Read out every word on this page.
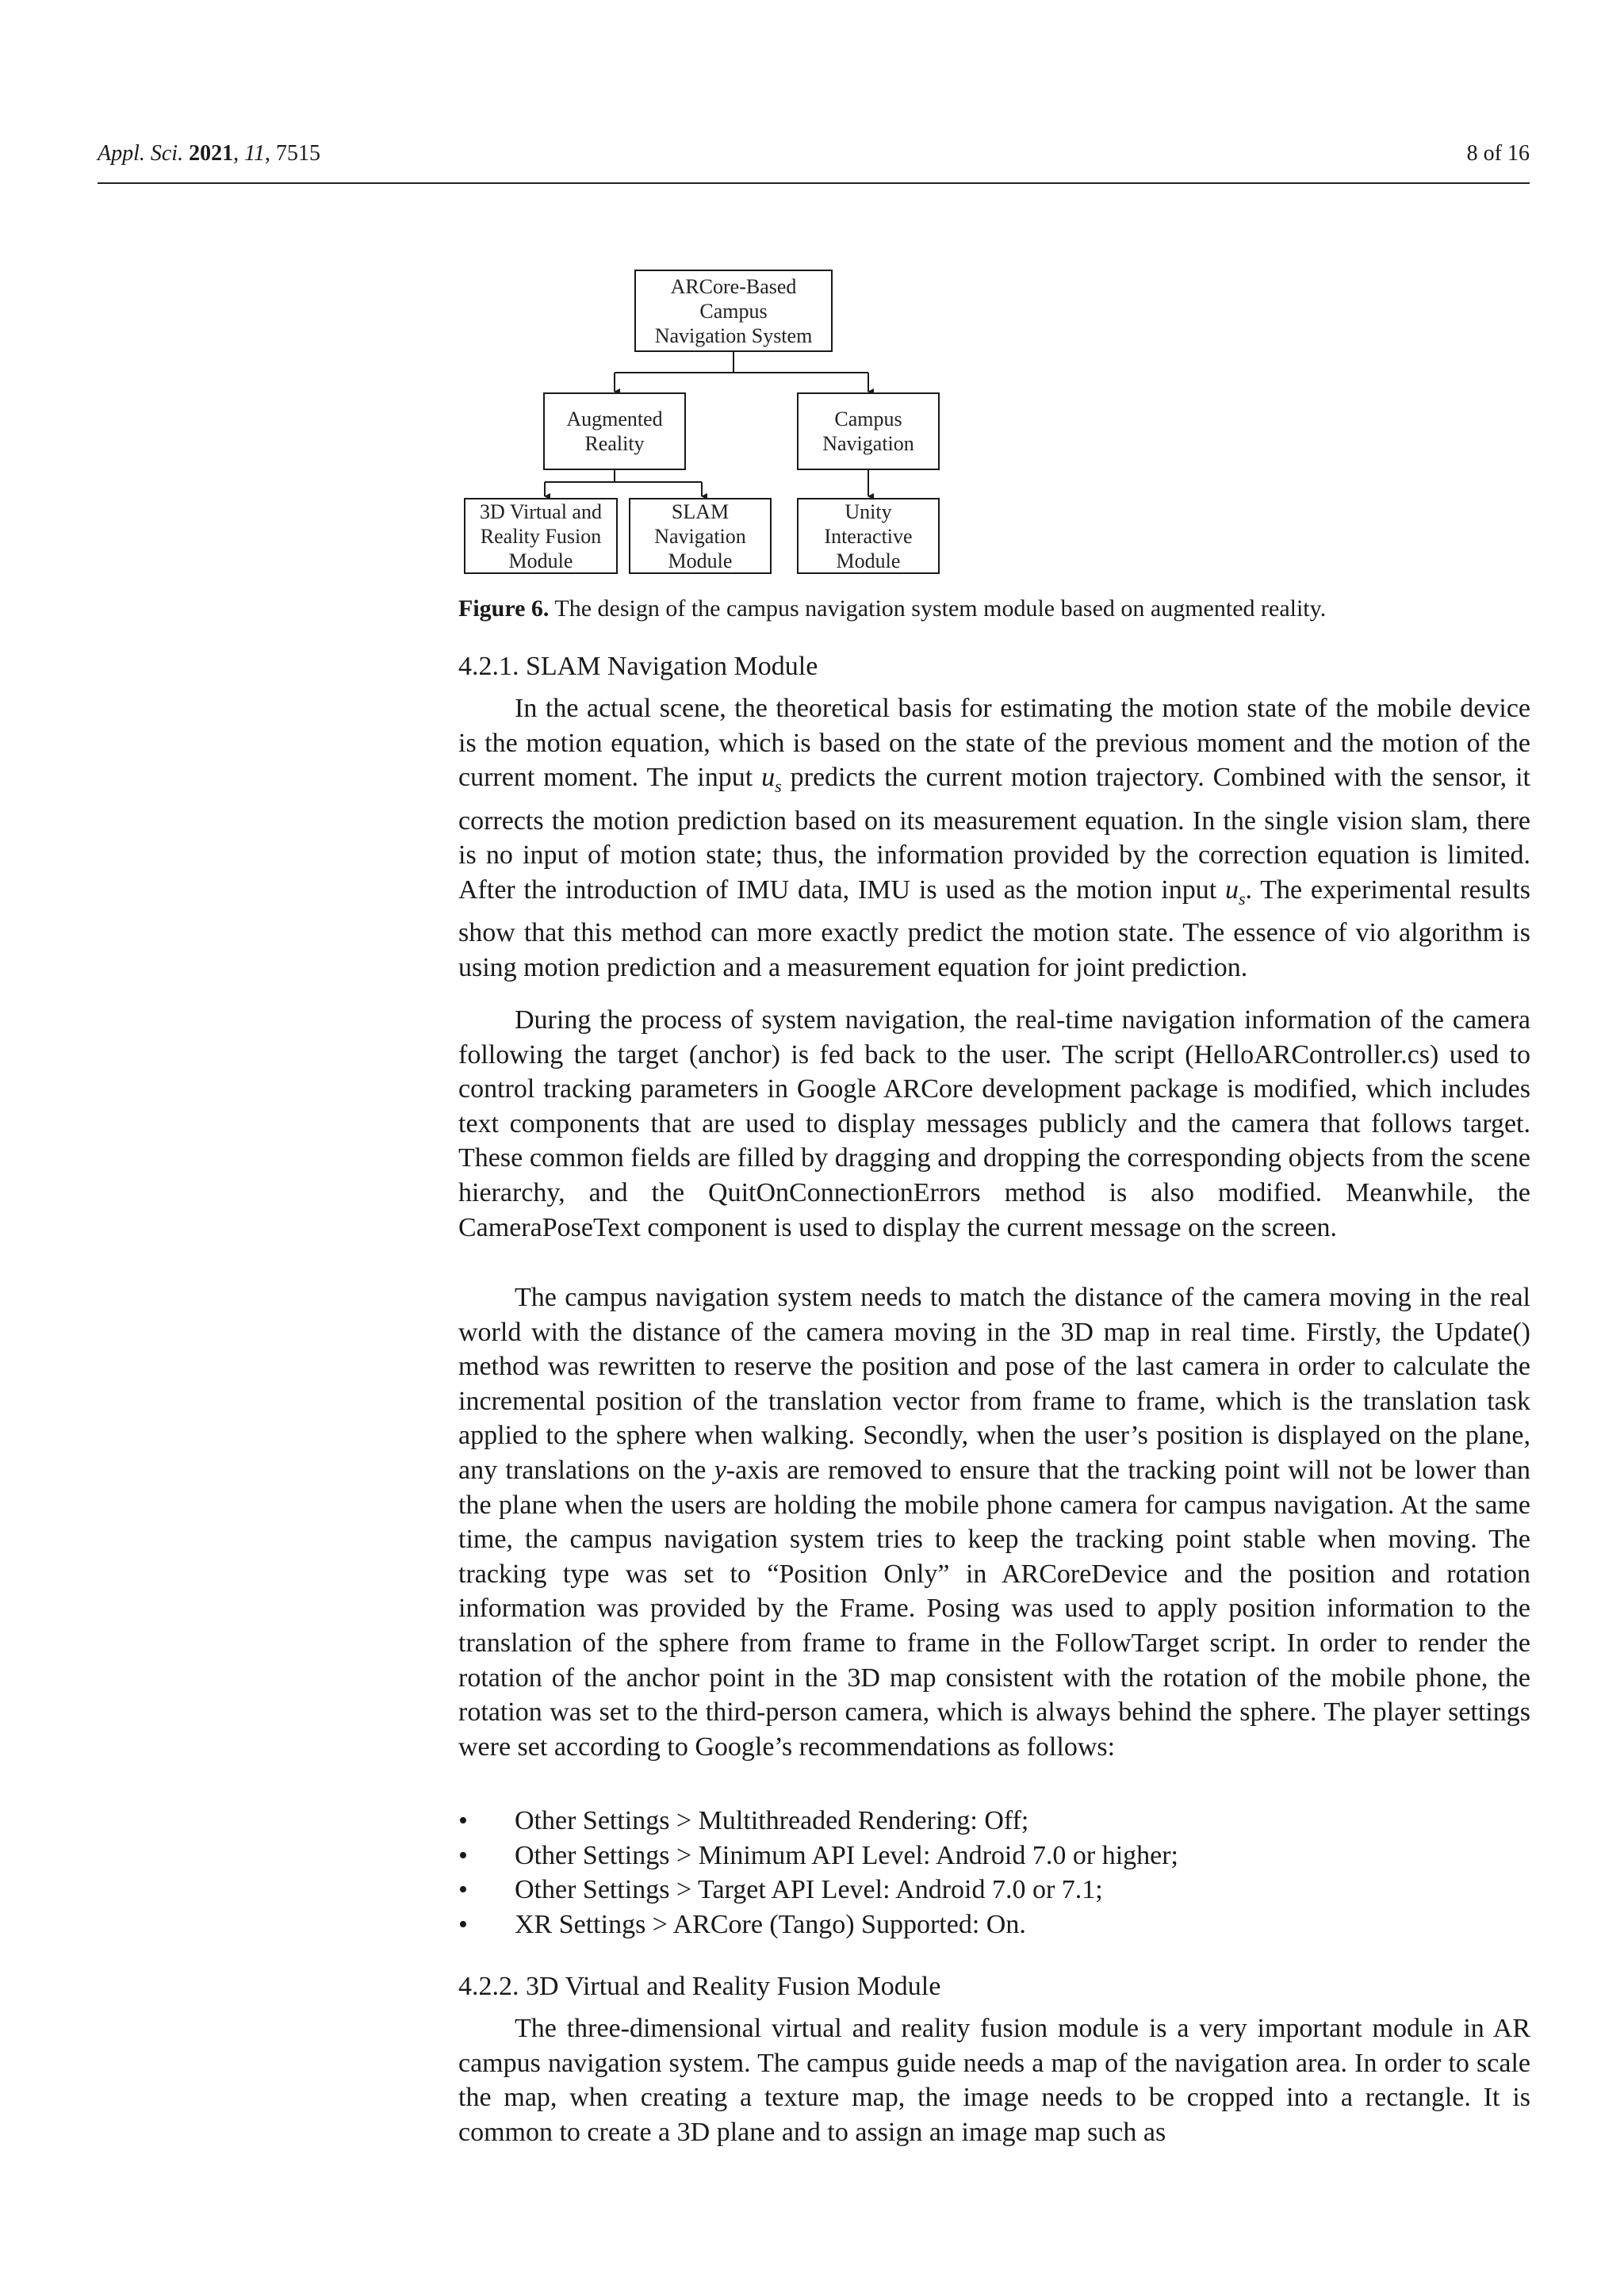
Appl. Sci. 2021, 11, 7515	8 of 16
ARCore-Based
Campus
Navigation System
Augmented
Reality
Campus
Navigation
3D Virtual and
Reality Fusion
Module
SLAM
Navigation
Module
Unity
Interactive
Module
Figure 6. The design of the campus navigation system module based on augmented reality.
4.2.1. SLAM Navigation Module

In the actual scene, the theoretical basis for estimating the motion state of the mobile device is the motion equation, which is based on the state of the previous moment and the motion of the current moment. The input $u_s$ predicts the current motion trajectory. Combined with the sensor, it corrects the motion prediction based on its measurement equation. In the single vision slam, there is no input of motion state; thus, the information provided by the correction equation is limited. After the introduction of IMU data, IMU is used as the motion input $u_s$. The experimental results show that this method can more exactly predict the motion state. The essence of vio algorithm is using motion prediction and a measurement equation for joint prediction.

During the process of system navigation, the real-time navigation information of the camera following the target (anchor) is fed back to the user. The script (HelloARController.cs) used to control tracking parameters in Google ARCore development package is modified, which includes text components that are used to display messages publicly and the camera that follows target. These common fields are filled by dragging and dropping the corresponding objects from the scene hierarchy, and the QuitOnConnectionErrors method is also modified. Meanwhile, the CameraPoseText component is used to display the current message on the screen.

The campus navigation system needs to match the distance of the camera moving in the real world with the distance of the camera moving in the 3D map in real time. Firstly, the Update() method was rewritten to reserve the position and pose of the last camera in order to calculate the incremental position of the translation vector from frame to frame, which is the translation task applied to the sphere when walking. Secondly, when the user’s position is displayed on the plane, any translations on the y-axis are removed to ensure that the tracking point will not be lower than the plane when the users are holding the mobile phone camera for campus navigation. At the same time, the campus navigation system tries to keep the tracking point stable when moving. The tracking type was set to “Position Only” in ARCoreDevice and the position and rotation information was provided by the Frame. Posing was used to apply position information to the translation of the sphere from frame to frame in the FollowTarget script. In order to render the rotation of the anchor point in the 3D map consistent with the rotation of the mobile phone, the rotation was set to the third-person camera, which is always behind the sphere. The player settings were set according to Google’s recommendations as follows:

• Other Settings > Multithreaded Rendering: Off;
• Other Settings > Minimum API Level: Android 7.0 or higher;
• Other Settings > Target API Level: Android 7.0 or 7.1;
• XR Settings > ARCore (Tango) Supported: On.
4.2.2. 3D Virtual and Reality Fusion Module

The three-dimensional virtual and reality fusion module is a very important module in AR campus navigation system. The campus guide needs a map of the navigation area. In order to scale the map, when creating a texture map, the image needs to be cropped into a rectangle. It is common to create a 3D plane and to assign an image map such as
